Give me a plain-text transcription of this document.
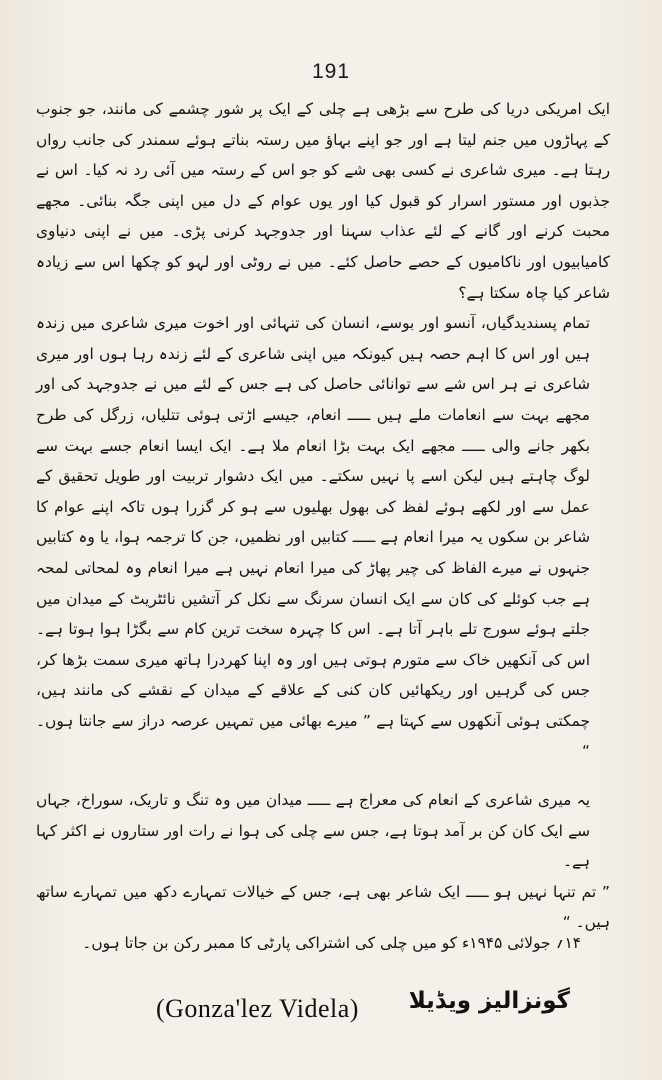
191

ایک امریکی دریا کی طرح سے بڑھی ہے چلی کے ایک پر شور چشمے کی مانند، جو جنوب کے پہاڑوں میں جنم لیتا ہے اور جو اپنے بہاؤ میں رستہ بناتے ہوئے سمندر کی جانب رواں رہتا ہے۔ میری شاعری نے کسی بھی شے کو جو اس کے رستہ میں آئی رد نہ کیا۔ اس نے جذبوں اور مستور اسرار کو قبول کیا اور یوں عوام کے دل میں اپنی جگہ بنائی۔ مجھے محبت کرنے اور گانے کے لئے عذاب سہنا اور جدوجہد کرنی پڑی۔ میں نے اپنی دنیاوی کامیابیوں اور ناکامیوں کے حصے حاصل کئے۔ میں نے روٹی اور لہو کو چکھا اس سے زیادہ شاعر کیا چاہ سکتا ہے؟

تمام پسندیدگیاں، آنسو اور بوسے، انسان کی تنہائی اور اخوت میری شاعری میں زندہ ہیں اور اس کا اہم حصہ ہیں کیونکہ میں اپنی شاعری کے لئے زندہ رہا ہوں اور میری شاعری نے ہر اس شے سے توانائی حاصل کی ہے جس کے لئے میں نے جدوجہد کی اور مجھے بہت سے انعامات ملے ہیں ـــــ انعام، جیسے اڑتی ہوئی تتلیاں، زرگل کی طرح بکھر جانے والی ـــــ مجھے ایک بہت بڑا انعام ملا ہے۔ ایک ایسا انعام جسے بہت سے لوگ چاہتے ہیں لیکن اسے پا نہیں سکتے۔ میں ایک دشوار تربیت اور طویل تحقیق کے عمل سے اور لکھے ہوئے لفظ کی بھول بھلیوں سے ہو کر گزرا ہوں تاکہ اپنے عوام کا شاعر بن سکوں یہ میرا انعام ہے ـــــ کتابیں اور نظمیں، جن کا ترجمہ ہوا، یا وہ کتابیں جنہوں نے میرے الفاظ کی چیر پھاڑ کی میرا انعام نہیں ہے میرا انعام وہ لمحاتی لمحہ ہے جب کوئلے کی کان سے ایک انسان سرنگ سے نکل کر آتشیں نائٹریٹ کے میدان میں جلتے ہوئے سورج تلے باہر آتا ہے۔ اس کا چہرہ سخت ترین کام سے بگڑا ہوا ہوتا ہے۔ اس کی آنکھیں خاک سے متورم ہوتی ہیں اور وہ اپنا کھردرا ہاتھ میری سمت بڑھا کر، جس کی گرہیں اور ریکھائیں کان کنی کے علاقے کے میدان کے نقشے کی مانند ہیں، چمکتی ہوئی آنکھوں سے کہتا ہے ” میرے بھائی میں تمہیں عرصہ دراز سے جانتا ہوں۔ “

یہ میری شاعری کے انعام کی معراج ہے ـــــ میدان میں وہ تنگ و تاریک، سوراخ، جہاں سے ایک کان کن بر آمد ہوتا ہے، جس سے چلی کی ہوا نے رات اور ستاروں نے اکثر کہا ہے۔

” تم تنہا نہیں ہو ـــــ ایک شاعر بھی ہے، جس کے خیالات تمہارے دکھ میں تمہارے ساتھ ہیں۔ “

۱۴؍ جولائی ۱۹۴۵ء کو میں چلی کی اشتراکی پارٹی کا ممبر رکن بن جاتا ہوں۔
(Gonza'lez Videla) گونزالیز ویڈیلا
